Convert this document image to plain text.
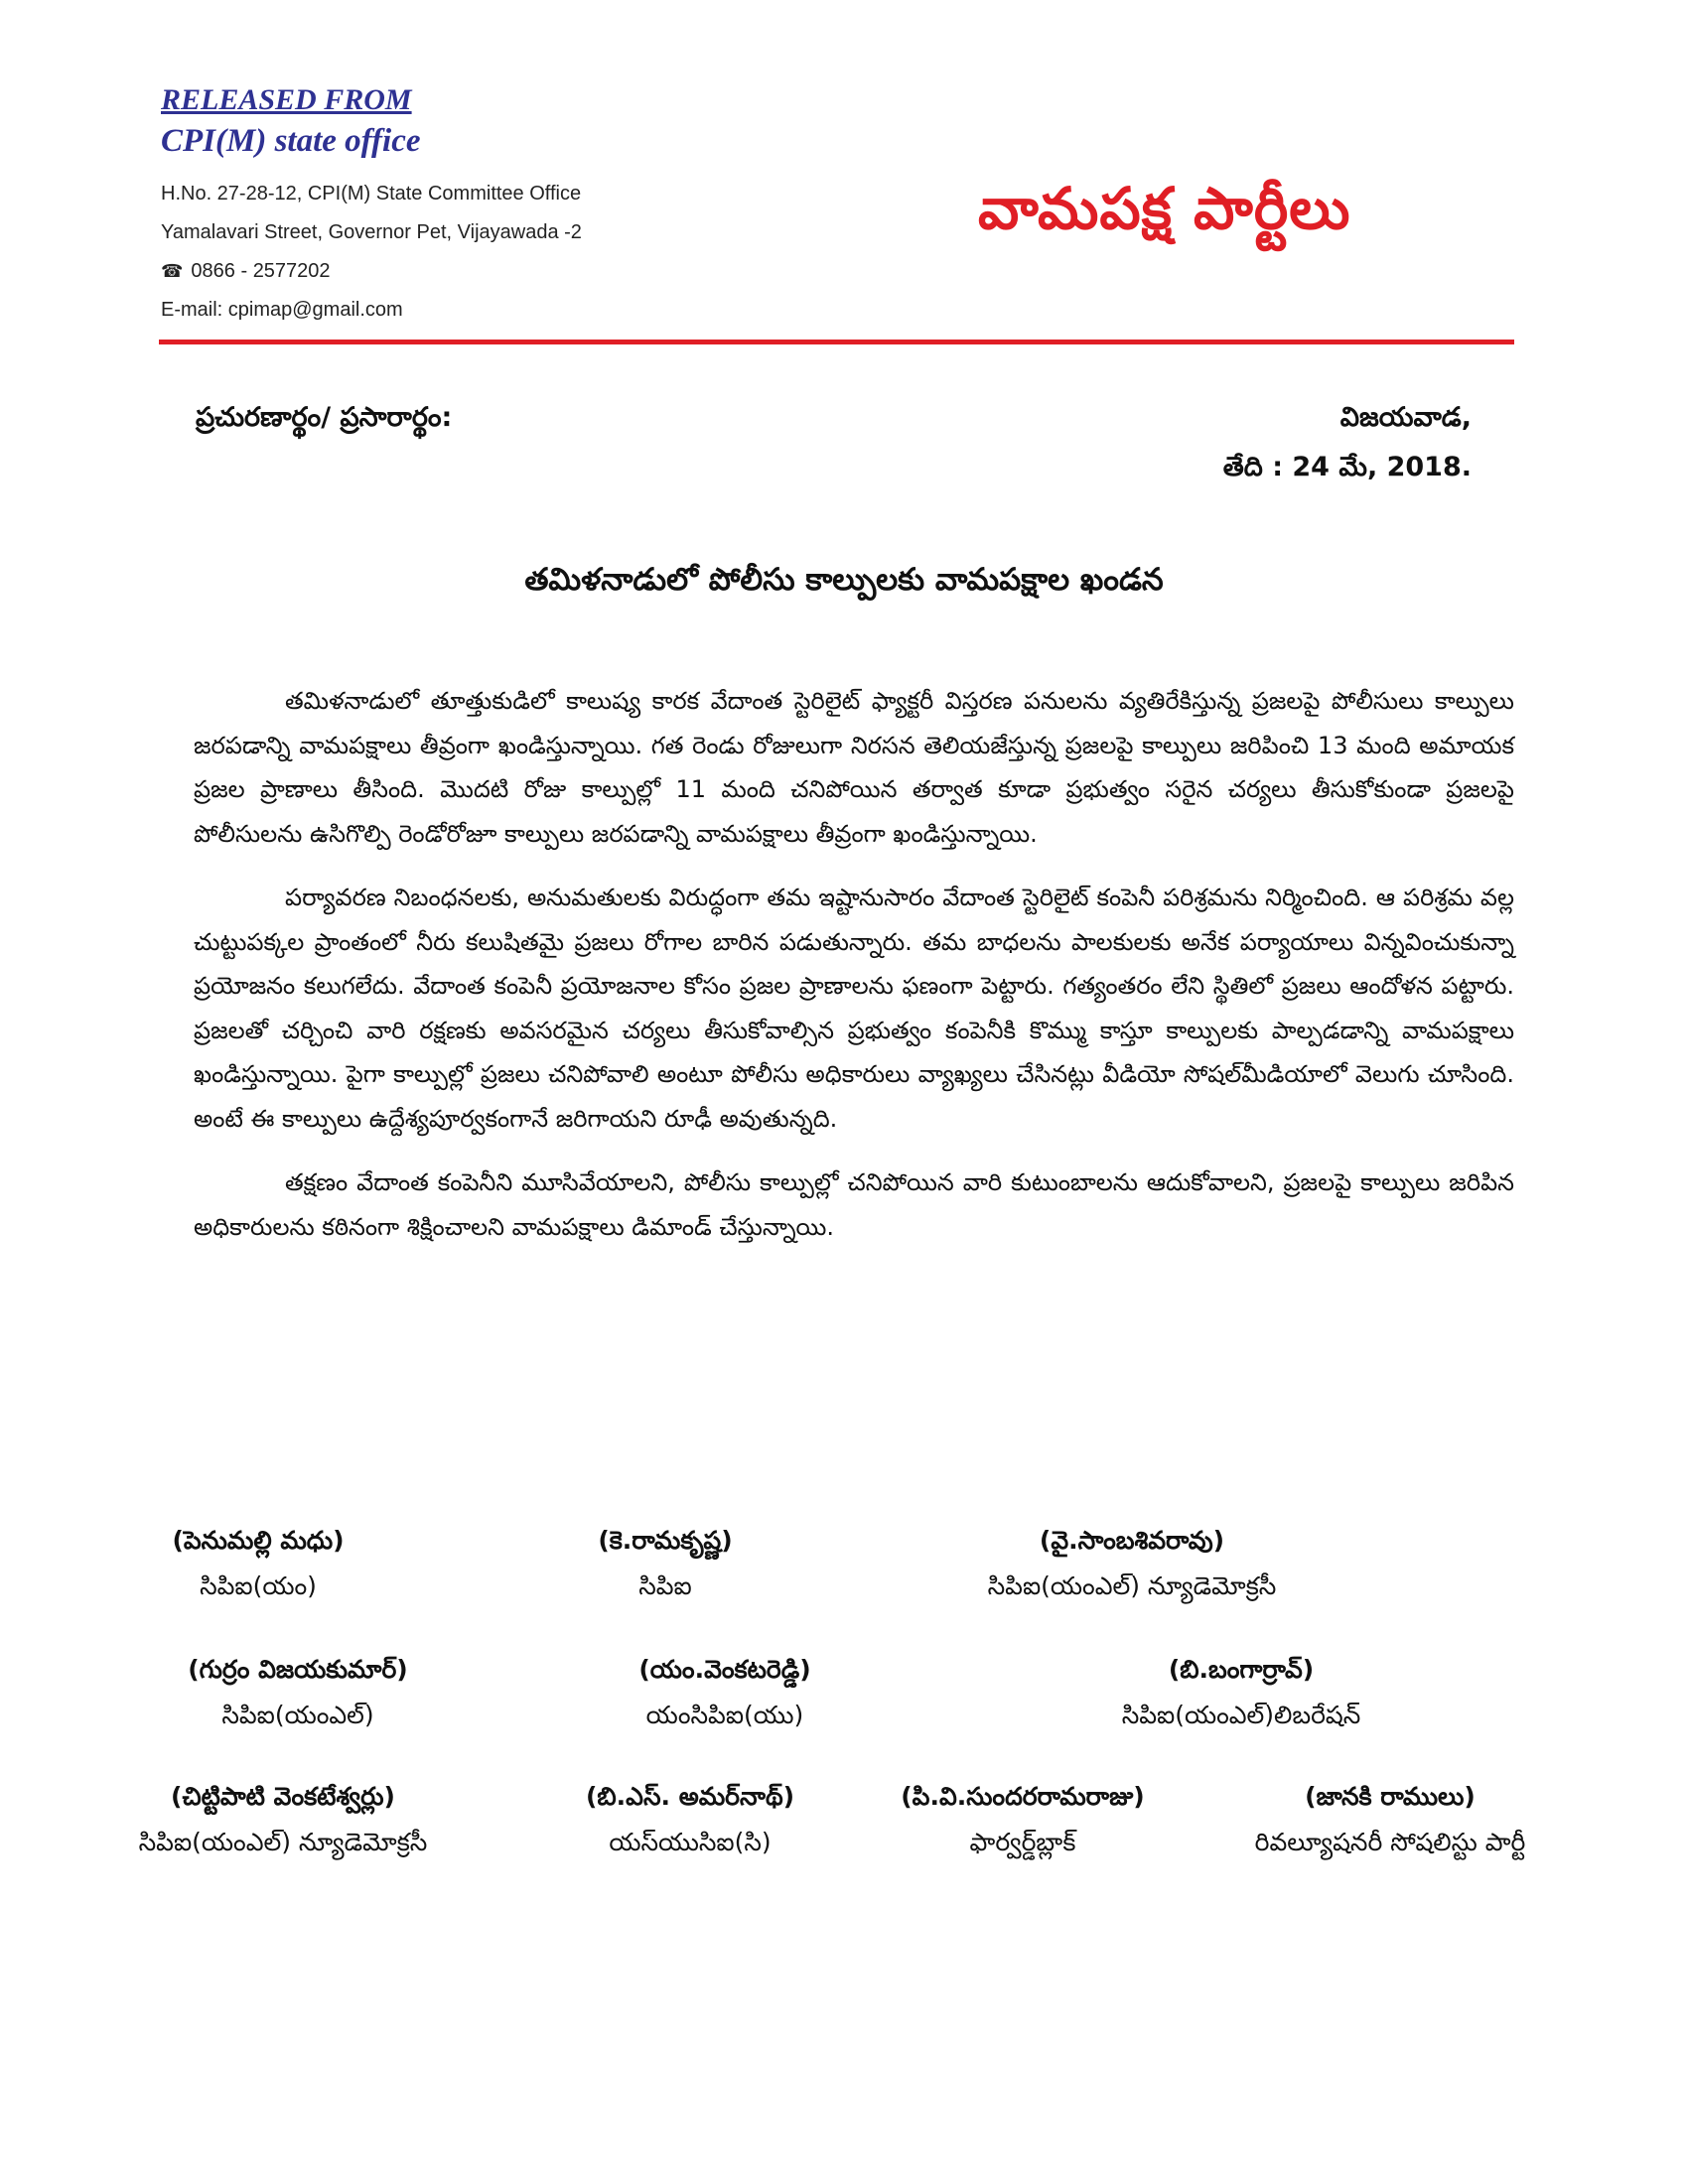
RELEASED FROM
CPI(M) state office
H.No. 27-28-12, CPI(M) State Committee Office
Yamalavari Street, Governor Pet, Vijayawada -2
☎ 0866 - 2577202
E-mail: cpimap@gmail.com
వామపక్ష పార్టీలు
ప్రచురణార్థం/ ప్రసారార్థం:	విజయవాడ,
తేది : 24 మే, 2018.
తమిళనాడులో పోలీసు కాల్పులకు వామపక్షాల ఖండన

తమిళనాడులో తూత్తుకుడిలో కాలుష్య కారక వేదాంత స్టెరిలైట్ ఫ్యాక్టరీ విస్తరణ పనులను వ్యతిరేకిస్తున్న ప్రజలపై పోలీసులు కాల్పులు జరపడాన్ని వామపక్షాలు తీవ్రంగా ఖండిస్తున్నాయి. గత రెండు రోజులుగా నిరసన తెలియజేస్తున్న ప్రజలపై కాల్పులు జరిపించి 13 మంది అమాయక ప్రజల ప్రాణాలు తీసింది. మొదటి రోజు కాల్పుల్లో 11 మంది చనిపోయిన తర్వాత కూడా ప్రభుత్వం సరైన చర్యలు తీసుకోకుండా ప్రజలపై పోలీసులను ఉసిగొల్పి రెండోరోజూ కాల్పులు జరపడాన్ని వామపక్షాలు తీవ్రంగా ఖండిస్తున్నాయి.

పర్యావరణ నిబంధనలకు, అనుమతులకు విరుద్ధంగా తమ ఇష్టానుసారం వేదాంత స్టెరిలైట్ కంపెనీ పరిశ్రమను నిర్మించింది. ఆ పరిశ్రమ వల్ల చుట్టుపక్కల ప్రాంతంలో నీరు కలుషితమై ప్రజలు రోగాల బారిన పడుతున్నారు. తమ బాధలను పాలకులకు అనేక పర్యాయాలు విన్నవించుకున్నా ప్రయోజనం కలుగలేదు. వేదాంత కంపెనీ ప్రయోజనాల కోసం ప్రజల ప్రాణాలను ఫణంగా పెట్టారు. గత్యంతరం లేని స్థితిలో ప్రజలు ఆందోళన పట్టారు. ప్రజలతో చర్చించి వారి రక్షణకు అవసరమైన చర్యలు తీసుకోవాల్సిన ప్రభుత్వం కంపెనీకి కొమ్ము కాస్తూ కాల్పులకు పాల్పడడాన్ని వామపక్షాలు ఖండిస్తున్నాయి. పైగా కాల్పుల్లో ప్రజలు చనిపోవాలి అంటూ పోలీసు అధికారులు వ్యాఖ్యలు చేసినట్లు వీడియో సోషల్‌మీడియాలో వెలుగు చూసింది. అంటే ఈ కాల్పులు ఉద్దేశ్యపూర్వకంగానే జరిగాయని రూఢీ అవుతున్నది.

తక్షణం వేదాంత కంపెనీని మూసివేయాలని, పోలీసు కాల్పుల్లో చనిపోయిన వారి కుటుంబాలను ఆదుకోవాలని, ప్రజలపై కాల్పులు జరిపిన అధికారులను కఠినంగా శిక్షించాలని వామపక్షాలు డిమాండ్ చేస్తున్నాయి.

(పెనుమల్లి మధు)
సిపిఐ(యం)
(కె.రామకృష్ణ)
సిపిఐ
(వై.సాంబశివరావు)
సిపిఐ(యంఎల్) న్యూడెమోక్రసీ
(గుర్రం విజయకుమార్)
సిపిఐ(యంఎల్)
(యం.వెంకటరెడ్డి)
యంసిపిఐ(యు)
(బి.బంగార్రావ్)
సిపిఐ(యంఎల్)లిబరేషన్
(చిట్టిపాటి వెంకటేశ్వర్లు)
సిపిఐ(యంఎల్) న్యూడెమోక్రసీ
(బి.ఎస్. అమర్‌నాథ్)
యస్‌యుసిఐ(సి)
(పి.వి.సుందరరామరాజు)
ఫార్వర్డ్‌బ్లాక్
(జానకి రాములు)
రివల్యూషనరీ సోషలిస్టు పార్టీ
